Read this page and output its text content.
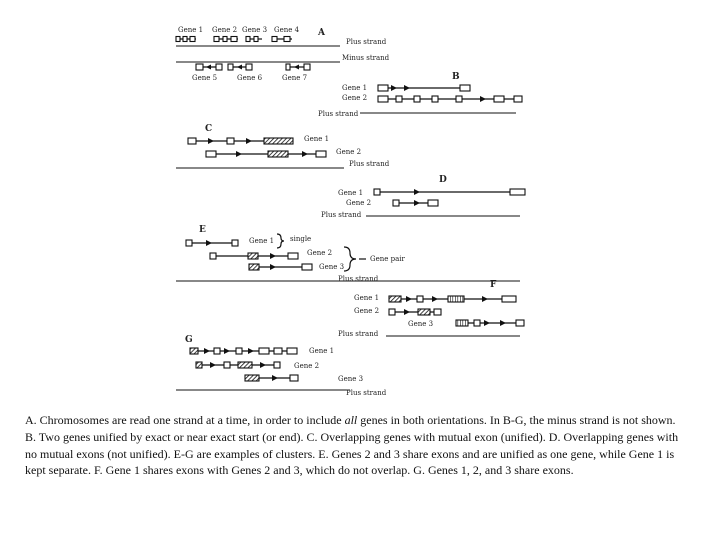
A
Gene 1 Gene 2 Gene 3 Gene 4
Plus strand
Minus strand
Gene 5	Gene 6	Gene 7	B
Gene 1
Gene 2
Plus strand
C
Gene 1
Gene 2
Plus strand
D
Gene 1
Gene 2
Plus strand
E
Gene 1 single
Gene 2
Gene 3
Gene pair
Plus strand
F
Gene 1
Gene 2
Gene 3
Plus strand
G
Gene 1
Gene 2
Gene 3
Plus strand

A. Chromosomes are read one strand at a time, in order to include all genes in both orientations. In B-G, the minus strand is not shown. B. Two genes unified by exact or near exact start (or end). C. Overlapping genes with mutual exon (unified). D. Overlapping genes with no mutual exons (not unified). E-G are examples of clusters. E. Genes 2 and 3 share exons and are unified as one gene, while Gene 1 is kept separate. F. Gene 1 shares exons with Genes 2 and 3, which do not overlap. G. Genes 1, 2, and 3 share exons.
